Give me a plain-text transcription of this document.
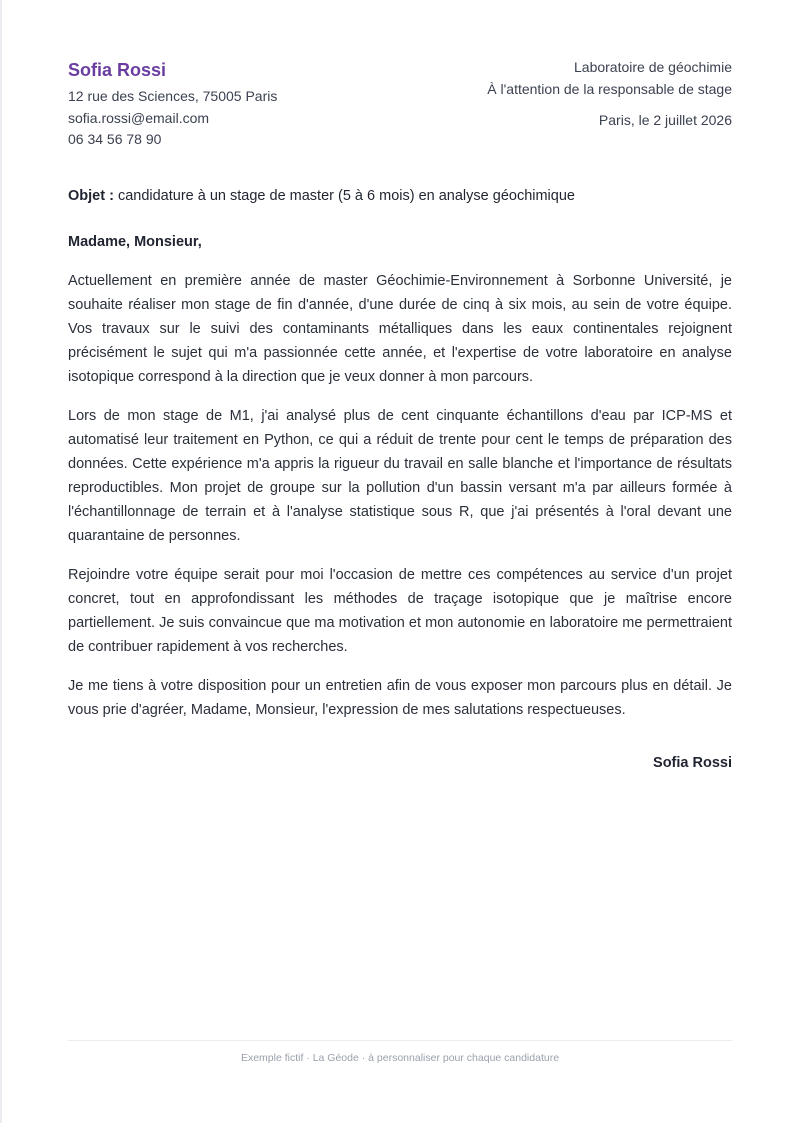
Sofia Rossi
12 rue des Sciences, 75005 Paris
sofia.rossi@email.com
06 34 56 78 90
Laboratoire de géochimie
À l'attention de la responsable de stage
Paris, le 2 juillet 2026
Objet : candidature à un stage de master (5 à 6 mois) en analyse géochimique
Madame, Monsieur,

Actuellement en première année de master Géochimie-Environnement à Sorbonne Université, je souhaite réaliser mon stage de fin d'année, d'une durée de cinq à six mois, au sein de votre équipe. Vos travaux sur le suivi des contaminants métalliques dans les eaux continentales rejoignent précisément le sujet qui m'a passionnée cette année, et l'expertise de votre laboratoire en analyse isotopique correspond à la direction que je veux donner à mon parcours.

Lors de mon stage de M1, j'ai analysé plus de cent cinquante échantillons d'eau par ICP-MS et automatisé leur traitement en Python, ce qui a réduit de trente pour cent le temps de préparation des données. Cette expérience m'a appris la rigueur du travail en salle blanche et l'importance de résultats reproductibles. Mon projet de groupe sur la pollution d'un bassin versant m'a par ailleurs formée à l'échantillonnage de terrain et à l'analyse statistique sous R, que j'ai présentés à l'oral devant une quarantaine de personnes.

Rejoindre votre équipe serait pour moi l'occasion de mettre ces compétences au service d'un projet concret, tout en approfondissant les méthodes de traçage isotopique que je maîtrise encore partiellement. Je suis convaincue que ma motivation et mon autonomie en laboratoire me permettraient de contribuer rapidement à vos recherches.

Je me tiens à votre disposition pour un entretien afin de vous exposer mon parcours plus en détail. Je vous prie d'agréer, Madame, Monsieur, l'expression de mes salutations respectueuses.

Sofia Rossi
Exemple fictif · La Géode · à personnaliser pour chaque candidature
